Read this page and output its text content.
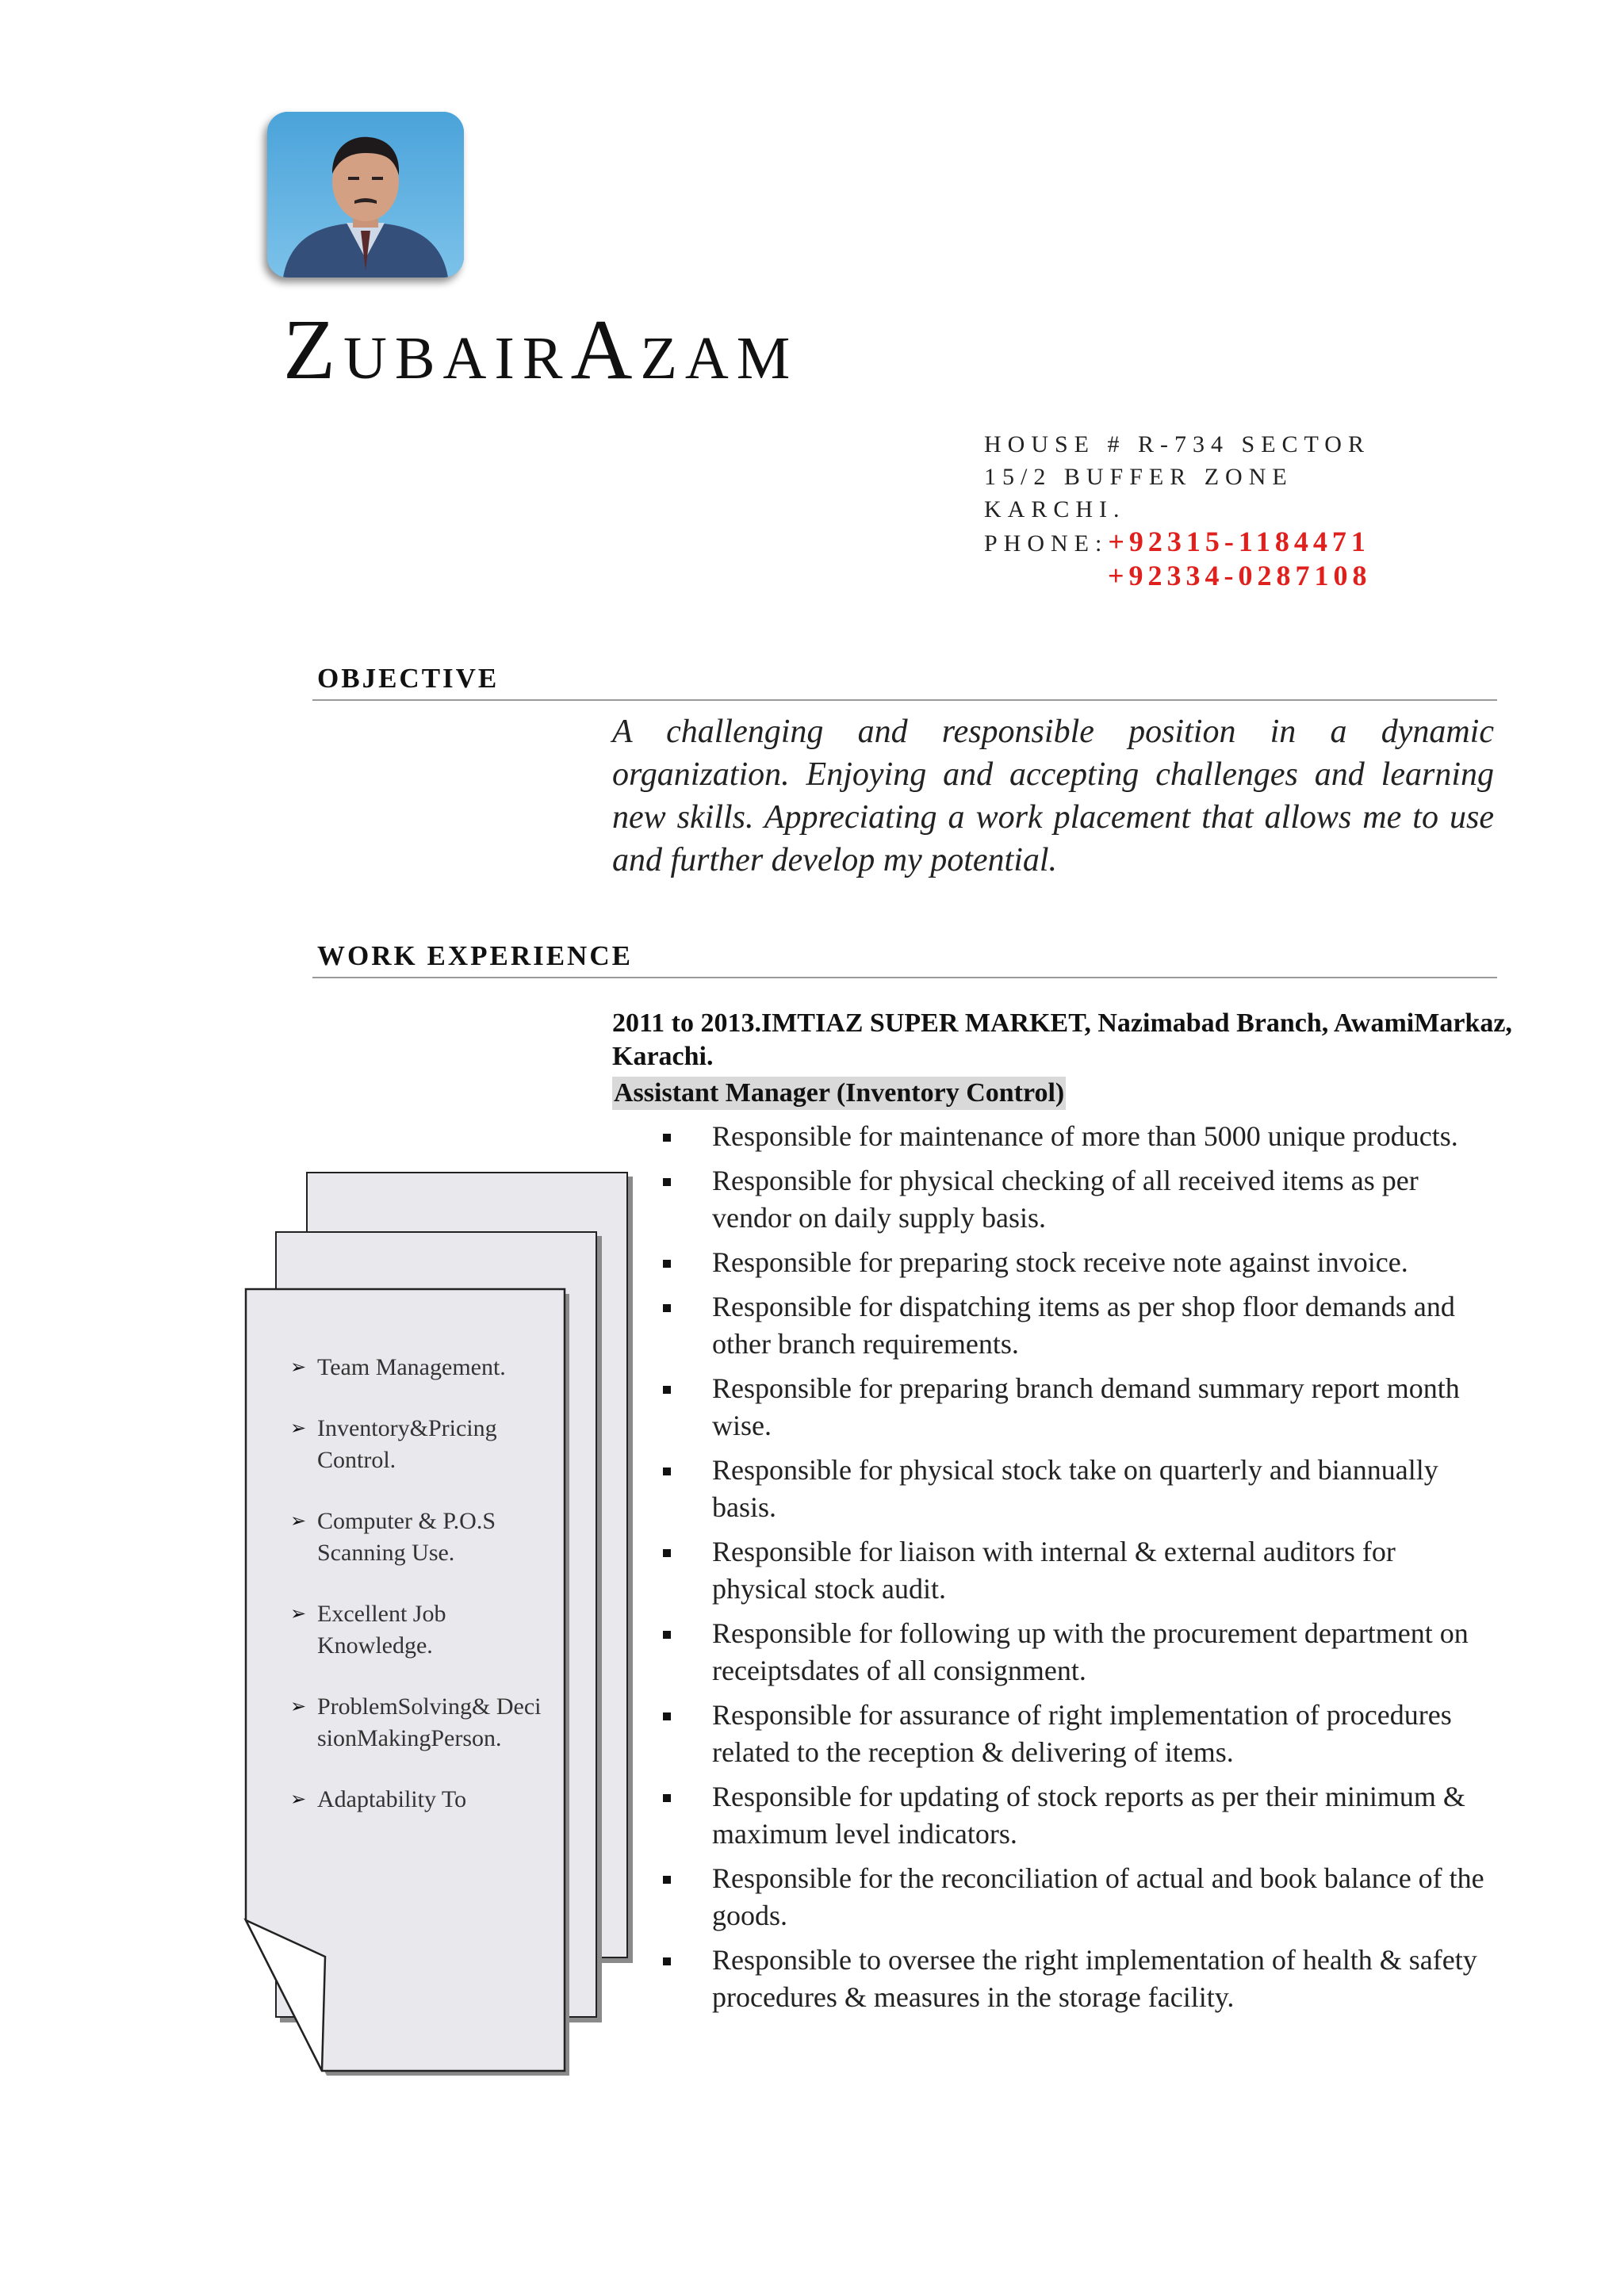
ZUBAIRAZAM
HOUSE # R-734 SECTOR
15/2 BUFFER ZONE
KARCHI.
PHONE:+92315-1184471
+92334-0287108
OBJECTIVE
A challenging and responsible position in a dynamic organization. Enjoying and accepting challenges and learning new skills. Appreciating a work placement that allows me to use and further develop my potential.
WORK EXPERIENCE
2011 to 2013.IMTIAZ SUPER MARKET, Nazimabad Branch, AwamiMarkaz, Karachi.
Assistant Manager (Inventory Control)
Responsible for maintenance of more than 5000 unique products.
Responsible for physical checking of all received items as per vendor on daily supply basis.
Responsible for preparing stock receive note against invoice.
Responsible for dispatching items as per shop floor demands and other branch requirements.
Responsible for preparing branch demand summary report month wise.
Responsible for physical stock take on quarterly and biannually basis.
Responsible for liaison with internal & external auditors for physical stock audit.
Responsible for following up with the procurement department on receiptsdates of all consignment.
Responsible for assurance of right implementation of procedures related to the reception & delivering of items.
Responsible for updating of stock reports as per their minimum & maximum level indicators.
Responsible for the reconciliation of actual and book balance of the goods.
Responsible to oversee the right implementation of health & safety procedures & measures in the storage facility.
➢ Team Management.
➢ Inventory&Pricing Control.
➢ Computer & P.O.S Scanning Use.
➢ Excellent Job Knowledge.
➢ ProblemSolving& DecisionMakingPerson.
➢ Adaptability To
